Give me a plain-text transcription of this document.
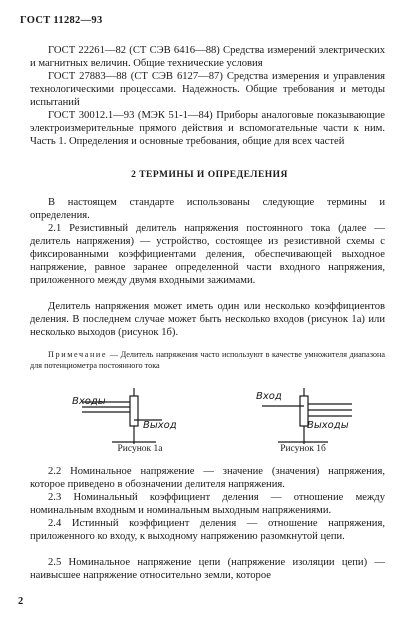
ГОСТ 11282—93
ГОСТ 22261—82 (СТ СЭВ 6416—88) Средства измерений электрических и магнитных величин. Общие технические условия
ГОСТ 27883—88 (СТ СЭВ 6127—87) Средства измерения и управления технологическими процессами. Надежность. Общие требования и методы испытаний
ГОСТ 30012.1—93 (МЭК 51-1—84) Приборы аналоговые показывающие электроизмерительные прямого действия и вспомогательные части к ним. Часть 1. Определения и основные требования, общие для всех частей
2 ТЕРМИНЫ И ОПРЕДЕЛЕНИЯ
В настоящем стандарте использованы следующие термины и определения.
2.1 Резистивный делитель напряжения постоянного тока (далее — делитель напряжения) — устройство, состоящее из резистивной схемы с фиксированными коэффициентами деления, обеспечивающей выходное напряжение, равное заранее определенной части входного напряжения, приложенного между двумя входными зажимами.
Делитель напряжения может иметь один или несколько коэффициентов деления. В последнем случае может быть несколько входов (рисунок 1а) или несколько выходов (рисунок 1б).
Примечание — Делитель напряжения часто используют в качестве умножителя диапазона для потенциометра постоянного тока
Входы
Выход
Рисунок 1а
Вход
Выходы
Рисунок 1б
2.2 Номинальное напряжение — значение (значения) напряжения, которое приведено в обозначении делителя напряжения.
2.3 Номинальный коэффициент деления — отношение между номинальным входным и номинальным выходным напряжениями.
2.4 Истинный коэффициент деления — отношение напряжения, приложенного ко входу, к выходному напряжению разомкнутой цепи.
2.5 Номинальное напряжение цепи (напряжение изоляции цепи) — наивысшее напряжение относительно земли, которое
2
